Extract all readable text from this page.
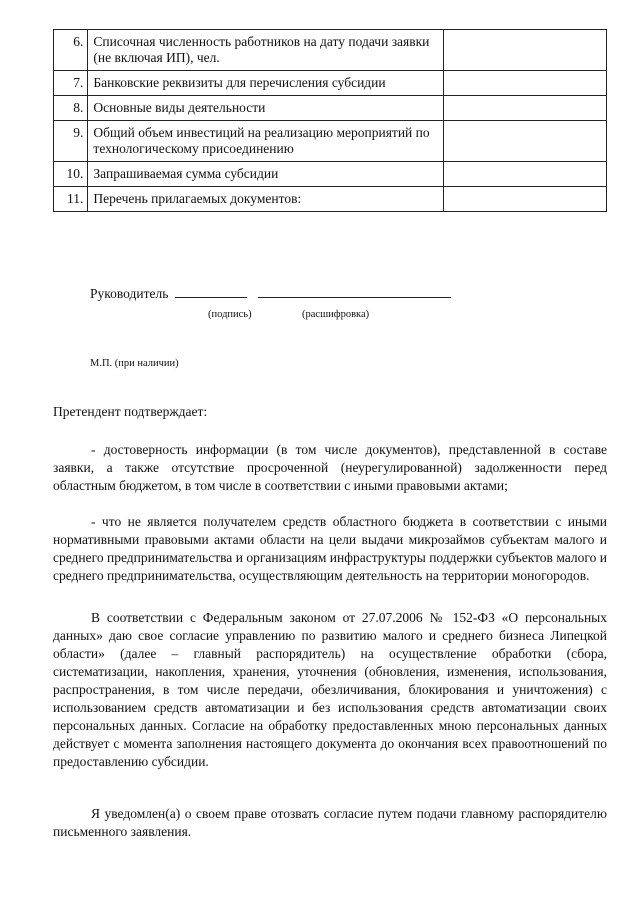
6.	Списочная численность работников на дату подачи заявки (не включая ИП), чел.	
7.	Банковские реквизиты для перечисления субсидии	
8.	Основные виды деятельности	
9.	Общий объем инвестиций на реализацию мероприятий по технологическому присоединению	
10.	Запрашиваемая сумма субсидии	
11.	Перечень прилагаемых документов:	
Руководитель
(подпись)	(расшифровка)
М.П. (при наличии)
Претендент подтверждает:
- достоверность информации (в том числе документов), представленной в составе заявки, а также отсутствие просроченной (неурегулированной) задолженности перед областным бюджетом, в том числе в соответствии с иными правовыми актами;
- что не является получателем средств областного бюджета в соответствии с иными нормативными правовыми актами области на цели выдачи микрозаймов субъектам малого и среднего предпринимательства и организациям инфраструктуры поддержки субъектов малого и среднего предпринимательства, осуществляющим деятельность на территории моногородов.
В соответствии с Федеральным законом от 27.07.2006 № 152-ФЗ «О персональных данных» даю свое согласие управлению по развитию малого и среднего бизнеса Липецкой области» (далее – главный распорядитель) на осуществление обработки (сбора, систематизации, накопления, хранения, уточнения (обновления, изменения, использования, распространения, в том числе передачи, обезличивания, блокирования и уничтожения) с использованием средств автоматизации и без использования средств автоматизации своих персональных данных. Согласие на обработку предоставленных мною персональных данных действует с момента заполнения настоящего документа до окончания всех правоотношений по предоставлению субсидии.
Я уведомлен(а) о своем праве отозвать согласие путем подачи главному распорядителю письменного заявления.
